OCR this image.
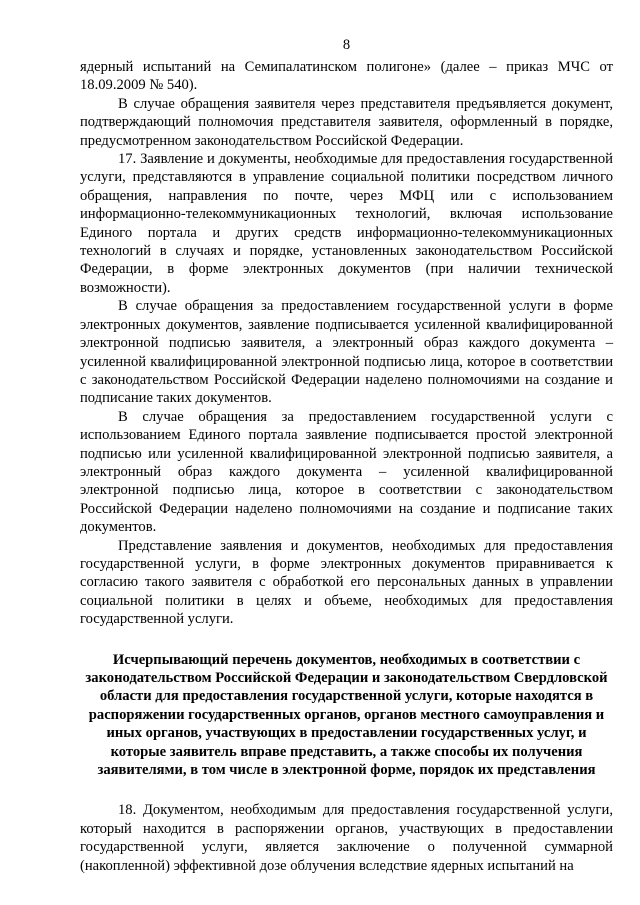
8

ядерный испытаний на Семипалатинском полигоне» (далее – приказ МЧС от 18.09.2009 № 540).

В случае обращения заявителя через представителя предъявляется документ, подтверждающий полномочия представителя заявителя, оформленный в порядке, предусмотренном законодательством Российской Федерации.

17. Заявление и документы, необходимые для предоставления государственной услуги, представляются в управление социальной политики посредством личного обращения, направления по почте, через МФЦ или с использованием информационно-телекоммуникационных технологий, включая использование Единого портала и других средств информационно-телекоммуникационных технологий в случаях и порядке, установленных законодательством Российской Федерации, в форме электронных документов (при наличии технической возможности).

В случае обращения за предоставлением государственной услуги в форме электронных документов, заявление подписывается усиленной квалифицированной электронной подписью заявителя, а электронный образ каждого документа – усиленной квалифицированной электронной подписью лица, которое в соответствии с законодательством Российской Федерации наделено полномочиями на создание и подписание таких документов.

В случае обращения за предоставлением государственной услуги с использованием Единого портала заявление подписывается простой электронной подписью или усиленной квалифицированной электронной подписью заявителя, а электронный образ каждого документа – усиленной квалифицированной электронной подписью лица, которое в соответствии с законодательством Российской Федерации наделено полномочиями на создание и подписание таких документов.

Представление заявления и документов, необходимых для предоставления государственной услуги, в форме электронных документов приравнивается к согласию такого заявителя с обработкой его персональных данных в управлении социальной политики в целях и объеме, необходимых для предоставления государственной услуги.

Исчерпывающий перечень документов, необходимых в соответствии с законодательством Российской Федерации и законодательством Свердловской области для предоставления государственной услуги, которые находятся в распоряжении государственных органов, органов местного самоуправления и иных органов, участвующих в предоставлении государственных услуг, и которые заявитель вправе представить, а также способы их получения заявителями, в том числе в электронной форме, порядок их представления

18. Документом, необходимым для предоставления государственной услуги, который находится в распоряжении органов, участвующих в предоставлении государственной услуги, является заключение о полученной суммарной (накопленной) эффективной дозе облучения вследствие ядерных испытаний на
